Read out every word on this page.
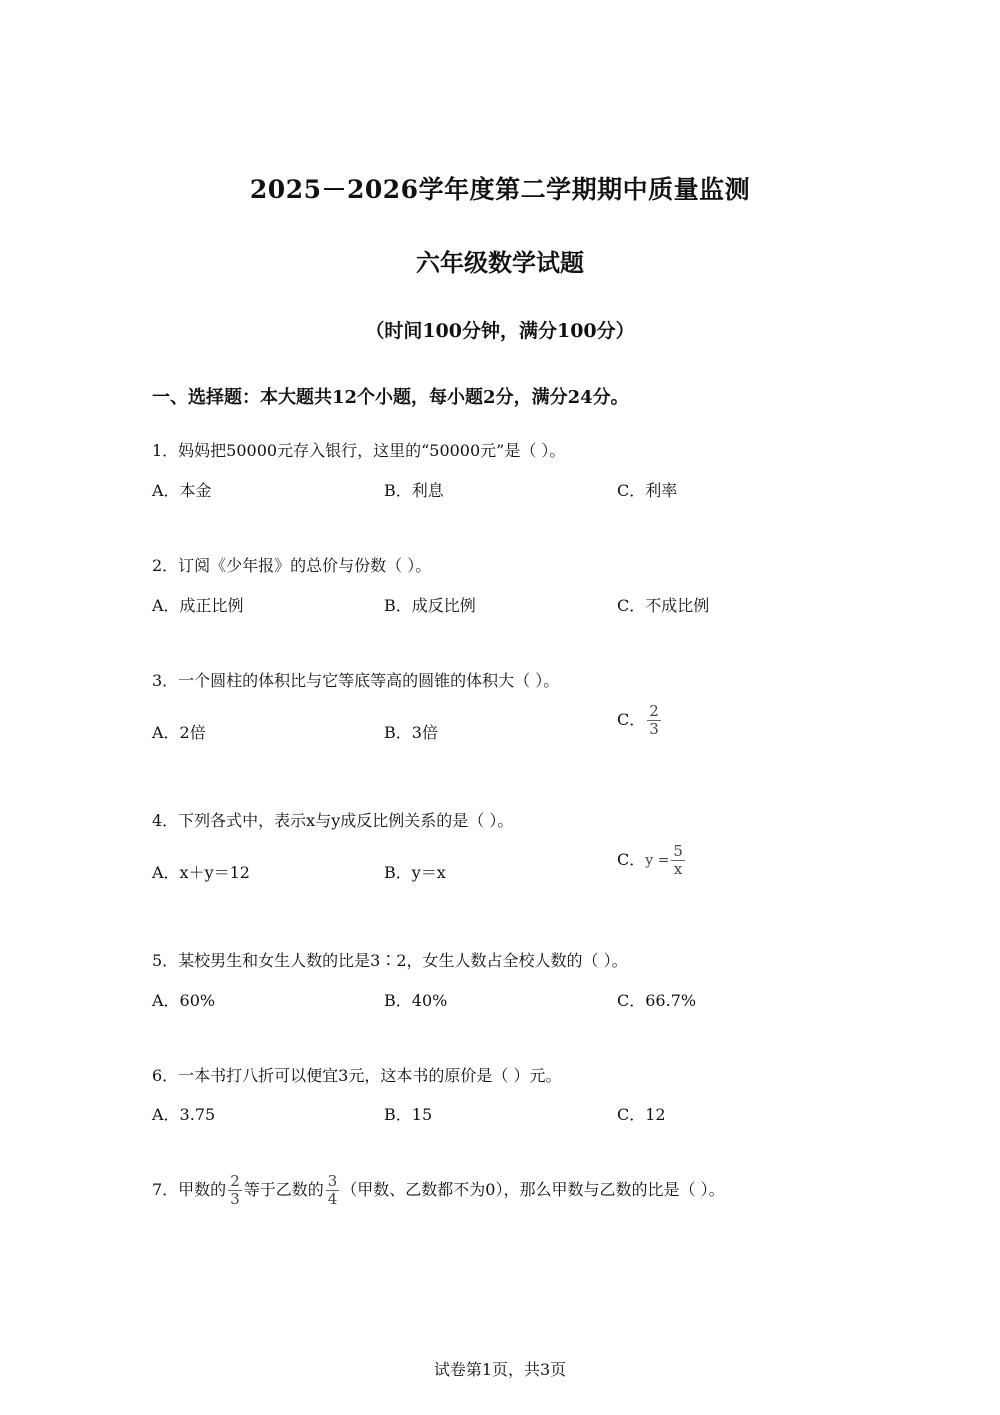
2025－2026学年度第二学期期中质量监测
六年级数学试题
（时间100分钟，满分100分）
一、选择题：本大题共12个小题，每小题2分，满分24分。
1．妈妈把50000元存入银行，这里的“50000元”是（ ）。
A．本金	B．利息	C．利率
2．订阅《少年报》的总价与份数（ ）。
A．成正比例	B．成反比例	C．不成比例
3．一个圆柱的体积比与它等底等高的圆锥的体积大（ ）。
A．2倍	B．3倍
C． $\frac{2}{3}$
4．下列各式中，表示x与y成反比例关系的是（ ）。
A．x＋y＝12	B．y＝x
C．$y = \frac{5}{x}$
5．某校男生和女生人数的比是3∶2，女生人数占全校人数的（ ）。
A．60%	B．40%	C．66.7%
6．一本书打八折可以便宜3元，这本书的原价是（ ）元。
A．3.75	B．15	C．12
7．甲数的 $\frac{2}{3}$ 等于乙数的 $\frac{3}{4}$ （甲数、乙数都不为0），那么甲数与乙数的比是（ ）。
试卷第1页，共3页
